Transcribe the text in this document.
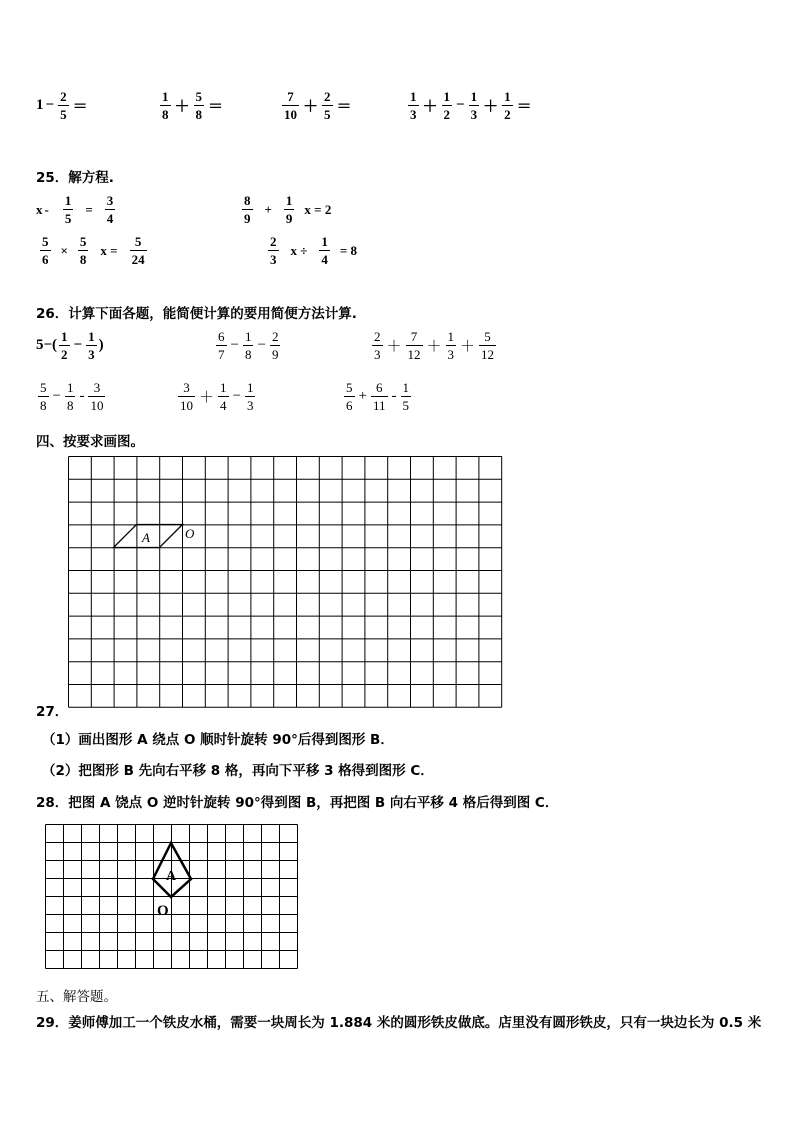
$1 - \frac{2}{5}$ ＝	$\frac{1}{8} + \frac{5}{8}$ ＝	$\frac{7}{10} + \frac{2}{5}$ ＝	$\frac{1}{3} + \frac{1}{2} - \frac{1}{3} + \frac{1}{2}$ ＝
25．解方程.
$x - \frac{1}{5} = \frac{3}{4}$	$\frac{8}{9} + \frac{1}{9}$ x = 2
$\frac{5}{6} \times \frac{5}{8}$ $x = \frac{5}{24}$	$\frac{2}{3}$ $x \div \frac{1}{4} = 8$
26．计算下面各题，能简便计算的要用简便方法计算.
$5-( \frac{1}{2} - \frac{1}{3}$ )	$\frac{6}{7} - \frac{1}{8} - \frac{2}{9}$	$\frac{2}{3} + \frac{7}{12} + \frac{1}{3} + \frac{5}{12}$
$\frac{5}{8} - \frac{1}{8} - \frac{3}{10}$	$\frac{3}{10} + \frac{1}{4} - \frac{1}{3}$	$\frac{5}{6} + \frac{6}{11} - \frac{1}{5}$
四、按要求画图。
A	O
27．
（1）画出图形 A 绕点 O 顺时针旋转 90°后得到图形 B．
（2）把图形 B 先向右平移 8 格，再向下平移 3 格得到图形 C．
28．把图 A 饶点 O 逆时针旋转 90°得到图 B，再把图 B 向右平移 4 格后得到图 C．
A
O
五、解答题。
29．姜师傅加工一个铁皮水桶，需要一块周长为 1.884 米的圆形铁皮做底。店里没有圆形铁皮，只有一块边长为 0.5 米
